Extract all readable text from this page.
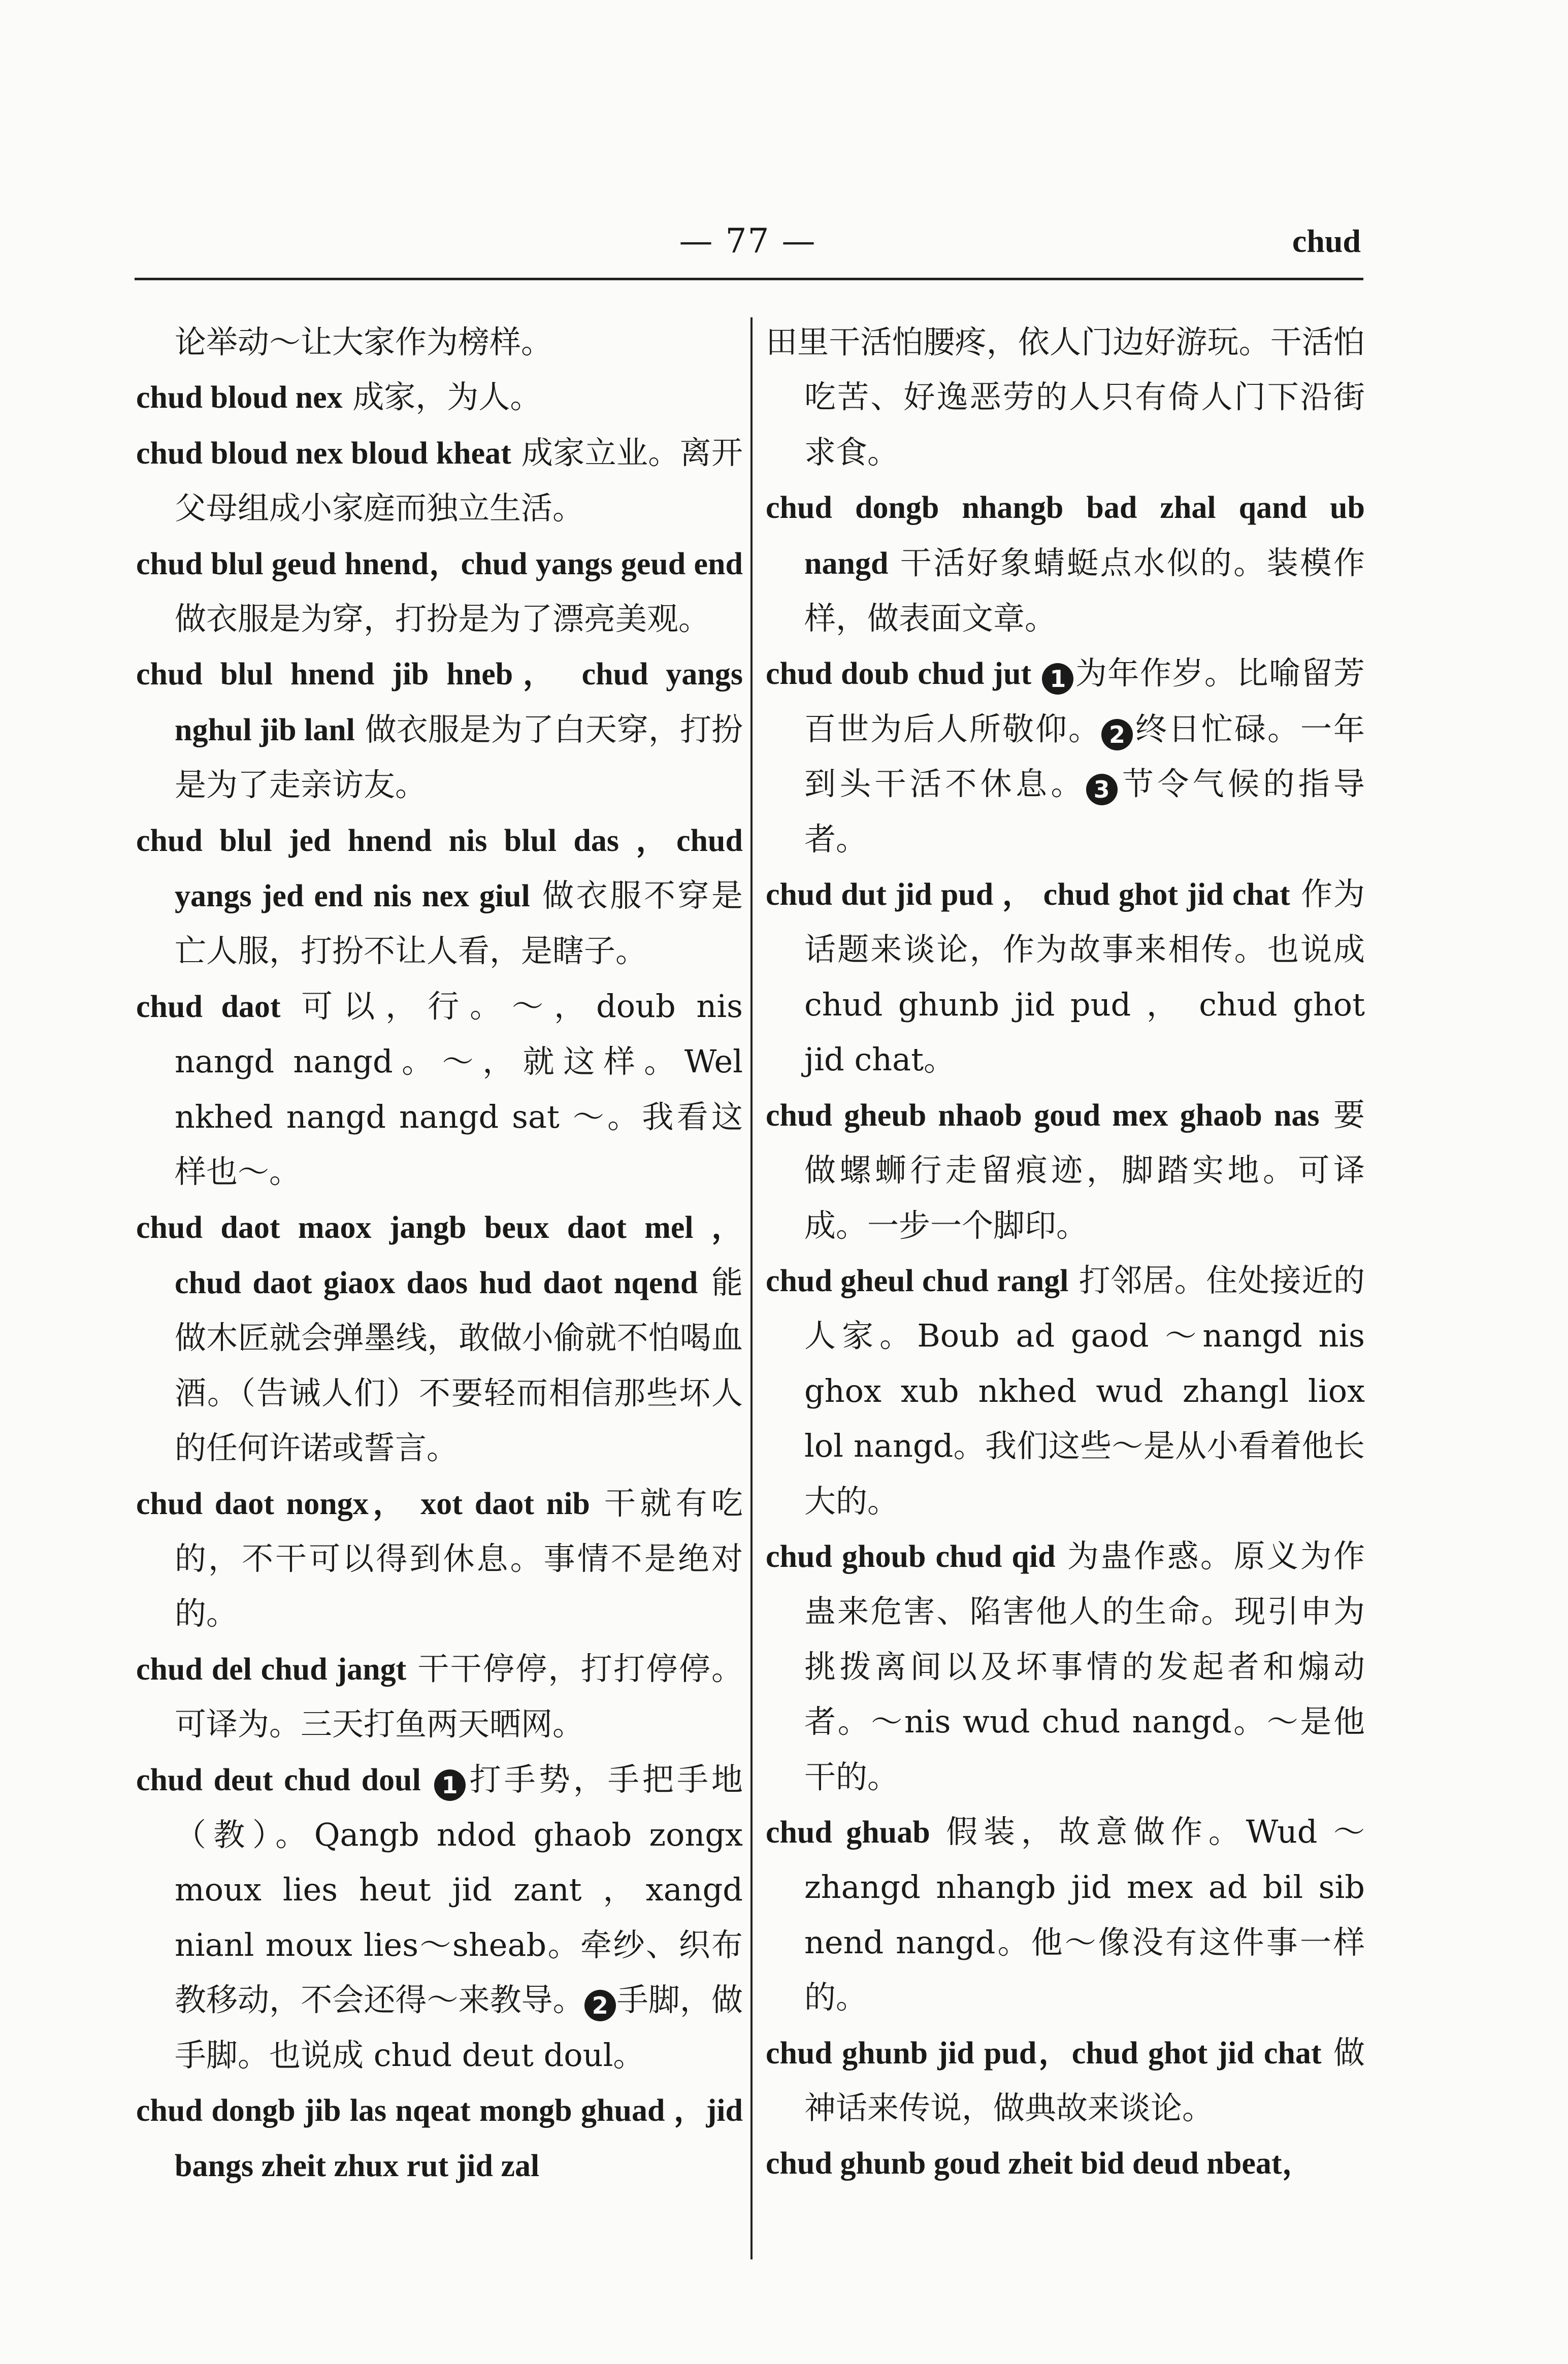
— 77 —	chud

论举动～让大家作为榜样。

chud bloud nex 成家，为人。

chud bloud nex bloud kheat 成家立业。离开父母组成小家庭而独立生活。

chud blul geud hnend，chud yangs geud end 做衣服是为穿，打扮是为了漂亮美观。

chud blul hnend jib hneb， chud yangs nghul jib lanl 做衣服是为了白天穿，打扮是为了走亲访友。

chud blul jed hnend nis blul das ，chud yangs jed end nis nex giul 做衣服不穿是亡人服，打扮不让人看，是瞎子。

chud daot 可以，行。～，doub nis nangd nangd。～，就这样。Wel nkhed nangd nangd sat ～。我看这样也～。

chud daot maox jangb beux daot mel ， chud daot giaox daos hud daot nqend 能做木匠就会弹墨线，敢做小偷就不怕喝血酒。（告诫人们）不要轻而相信那些坏人的任何许诺或誓言。

chud daot nongx， xot daot nib 干就有吃的，不干可以得到休息。事情不是绝对的。

chud del chud jangt 干干停停，打打停停。可译为。三天打鱼两天晒网。

chud deut chud doul 1 打手势，手把手地（教）。Qangb ndod ghaob zongx moux lies heut jid zant ，xangd nianl moux lies～sheab。牵纱、织布教移动，不会还得～来教导。 2 手脚，做手脚。也说成 chud deut doul。

chud dongb jib las nqeat mongb ghuad ，jid bangs zheit zhux rut jid zal

田里干活怕腰疼，依人门边好游玩。干活怕吃苦、好逸恶劳的人只有倚人门下沿街求食。

chud dongb nhangb bad zhal qand ub nangd 干活好象蜻蜓点水似的。装模作样，做表面文章。

chud doub chud jut 1 为年作岁。比喻留芳百世为后人所敬仰。 2 终日忙碌。一年到头干活不休息。 3 节令气候的指导者。

chud dut jid pud ， chud ghot jid chat 作为话题来谈论，作为故事来相传。也说成 chud ghunb jid pud ， chud ghot jid chat。

chud gheub nhaob goud mex ghaob nas 要做螺蛳行走留痕迹，脚踏实地。可译成。一步一个脚印。

chud gheul chud rangl 打邻居。住处接近的人家。Boub ad gaod ～nangd nis ghox xub nkhed wud zhangl liox lol nangd。我们这些～是从小看着他长大的。

chud ghoub chud qid 为蛊作惑。原义为作蛊来危害、陷害他人的生命。现引申为挑拨离间以及坏事情的发起者和煽动者。～nis wud chud nangd。～是他干的。

chud ghuab 假装，故意做作。Wud ～ zhangd nhangb jid mex ad bil sib nend nangd。他～像没有这件事一样的。

chud ghunb jid pud，chud ghot jid chat 做神话来传说，做典故来谈论。

chud ghunb goud zheit bid deud nbeat，
